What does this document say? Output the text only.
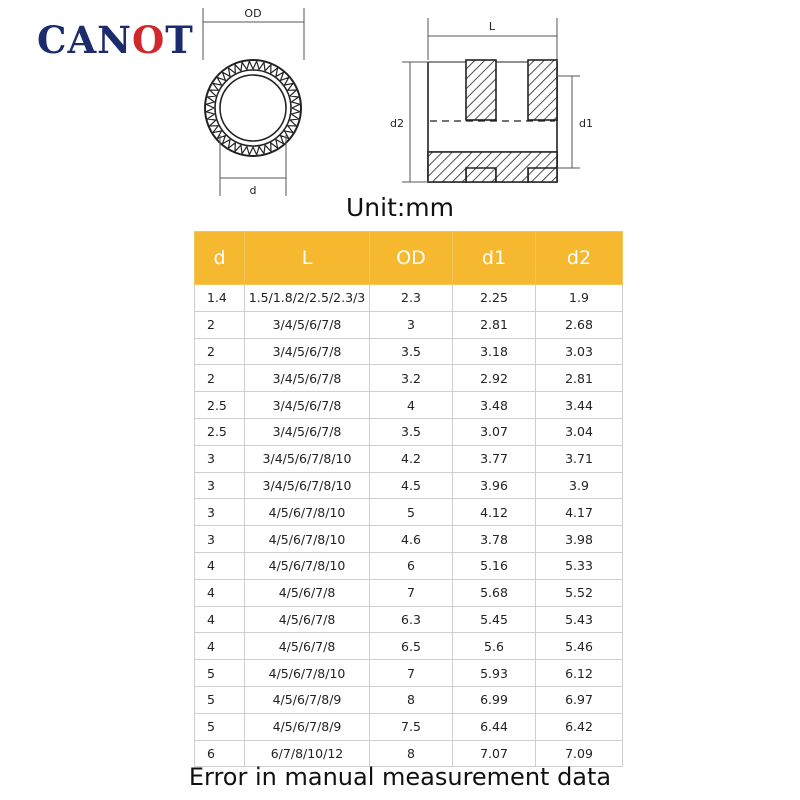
CANOT
OD
d
L
d2	d1
Unit:mm
d	L	OD	d1	d2
1.4	1.5/1.8/2/2.5/2.3/3	2.3	2.25	1.9
2	3/4/5/6/7/8	3	2.81	2.68
2	3/4/5/6/7/8	3.5	3.18	3.03
2	3/4/5/6/7/8	3.2	2.92	2.81
2.5	3/4/5/6/7/8	4	3.48	3.44
2.5	3/4/5/6/7/8	3.5	3.07	3.04
3	3/4/5/6/7/8/10	4.2	3.77	3.71
3	3/4/5/6/7/8/10	4.5	3.96	3.9
3	4/5/6/7/8/10	5	4.12	4.17
3	4/5/6/7/8/10	4.6	3.78	3.98
4	4/5/6/7/8/10	6	5.16	5.33
4	4/5/6/7/8	7	5.68	5.52
4	4/5/6/7/8	6.3	5.45	5.43
4	4/5/6/7/8	6.5	5.6	5.46
5	4/5/6/7/8/10	7	5.93	6.12
5	4/5/6/7/8/9	8	6.99	6.97
5	4/5/6/7/8/9	7.5	6.44	6.42
6	6/7/8/10/12	8	7.07	7.09
Error in manual measurement data
